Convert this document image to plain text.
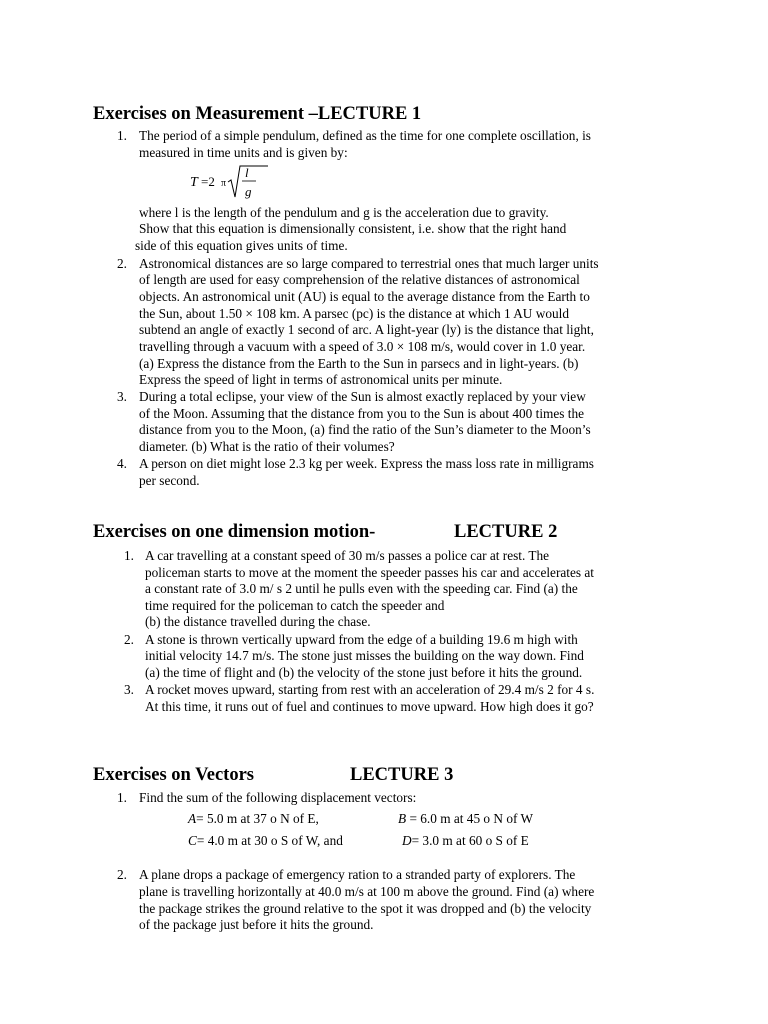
Exercises on Measurement –LECTURE 1
1. The period of a simple pendulum, defined as the time for one complete oscillation, is
measured in time units and is given by:
T =2 π
l
g
where l is the length of the pendulum and g is the acceleration due to gravity.
Show that this equation is dimensionally consistent, i.e. show that the right hand
side of this equation gives units of time.
2. Astronomical distances are so large compared to terrestrial ones that much larger units
of length are used for easy comprehension of the relative distances of astronomical
objects. An astronomical unit (AU) is equal to the average distance from the Earth to
the Sun, about 1.50 × 108 km. A parsec (pc) is the distance at which 1 AU would
subtend an angle of exactly 1 second of arc. A light-year (ly) is the distance that light,
travelling through a vacuum with a speed of 3.0 × 108 m/s, would cover in 1.0 year.
(a) Express the distance from the Earth to the Sun in parsecs and in light-years. (b)
Express the speed of light in terms of astronomical units per minute.
3. During a total eclipse, your view of the Sun is almost exactly replaced by your view
of the Moon. Assuming that the distance from you to the Sun is about 400 times the
distance from you to the Moon, (a) find the ratio of the Sun’s diameter to the Moon’s
diameter. (b) What is the ratio of their volumes?
4. A person on diet might lose 2.3 kg per week. Express the mass loss rate in milligrams
per second.
Exercises on one dimension motion-	LECTURE 2
1. A car travelling at a constant speed of 30 m/s passes a police car at rest. The
policeman starts to move at the moment the speeder passes his car and accelerates at
a constant rate of 3.0 m/ s 2 until he pulls even with the speeding car. Find (a) the
time required for the policeman to catch the speeder and
(b) the distance travelled during the chase.
2. A stone is thrown vertically upward from the edge of a building 19.6 m high with
initial velocity 14.7 m/s. The stone just misses the building on the way down. Find
(a) the time of flight and (b) the velocity of the stone just before it hits the ground.
3. A rocket moves upward, starting from rest with an acceleration of 29.4 m/s 2 for 4 s.
At this time, it runs out of fuel and continues to move upward. How high does it go?
Exercises on Vectors	LECTURE 3
1. Find the sum of the following displacement vectors:
A= 5.0 m at 37 o N of E,	B = 6.0 m at 45 o N of W
C= 4.0 m at 30 o S of W, and	D= 3.0 m at 60 o S of E
2. A plane drops a package of emergency ration to a stranded party of explorers. The
plane is travelling horizontally at 40.0 m/s at 100 m above the ground. Find (a) where
the package strikes the ground relative to the spot it was dropped and (b) the velocity
of the package just before it hits the ground.
